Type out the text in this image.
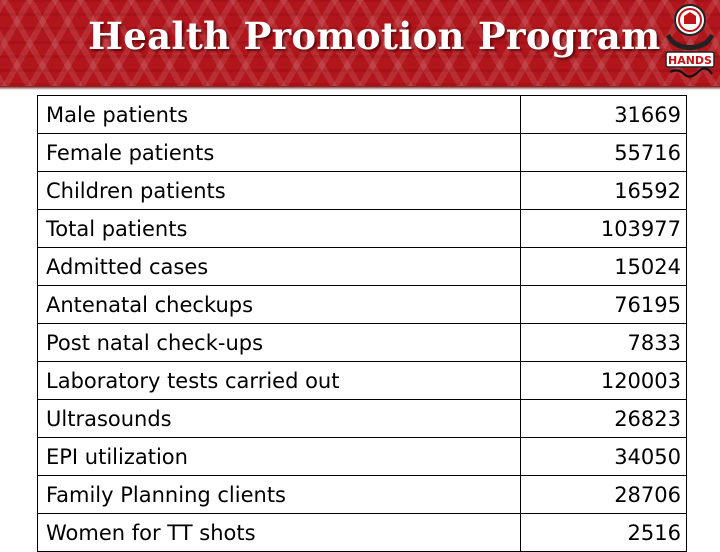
Health Promotion Program
HANDS
Male patients	31669
Female patients	55716
Children patients	16592
Total patients	103977
Admitted cases	15024
Antenatal checkups	76195
Post natal check-ups	7833
Laboratory tests carried out	120003
Ultrasounds	26823
EPI utilization	34050
Family Planning clients	28706
Women for TT shots	2516
